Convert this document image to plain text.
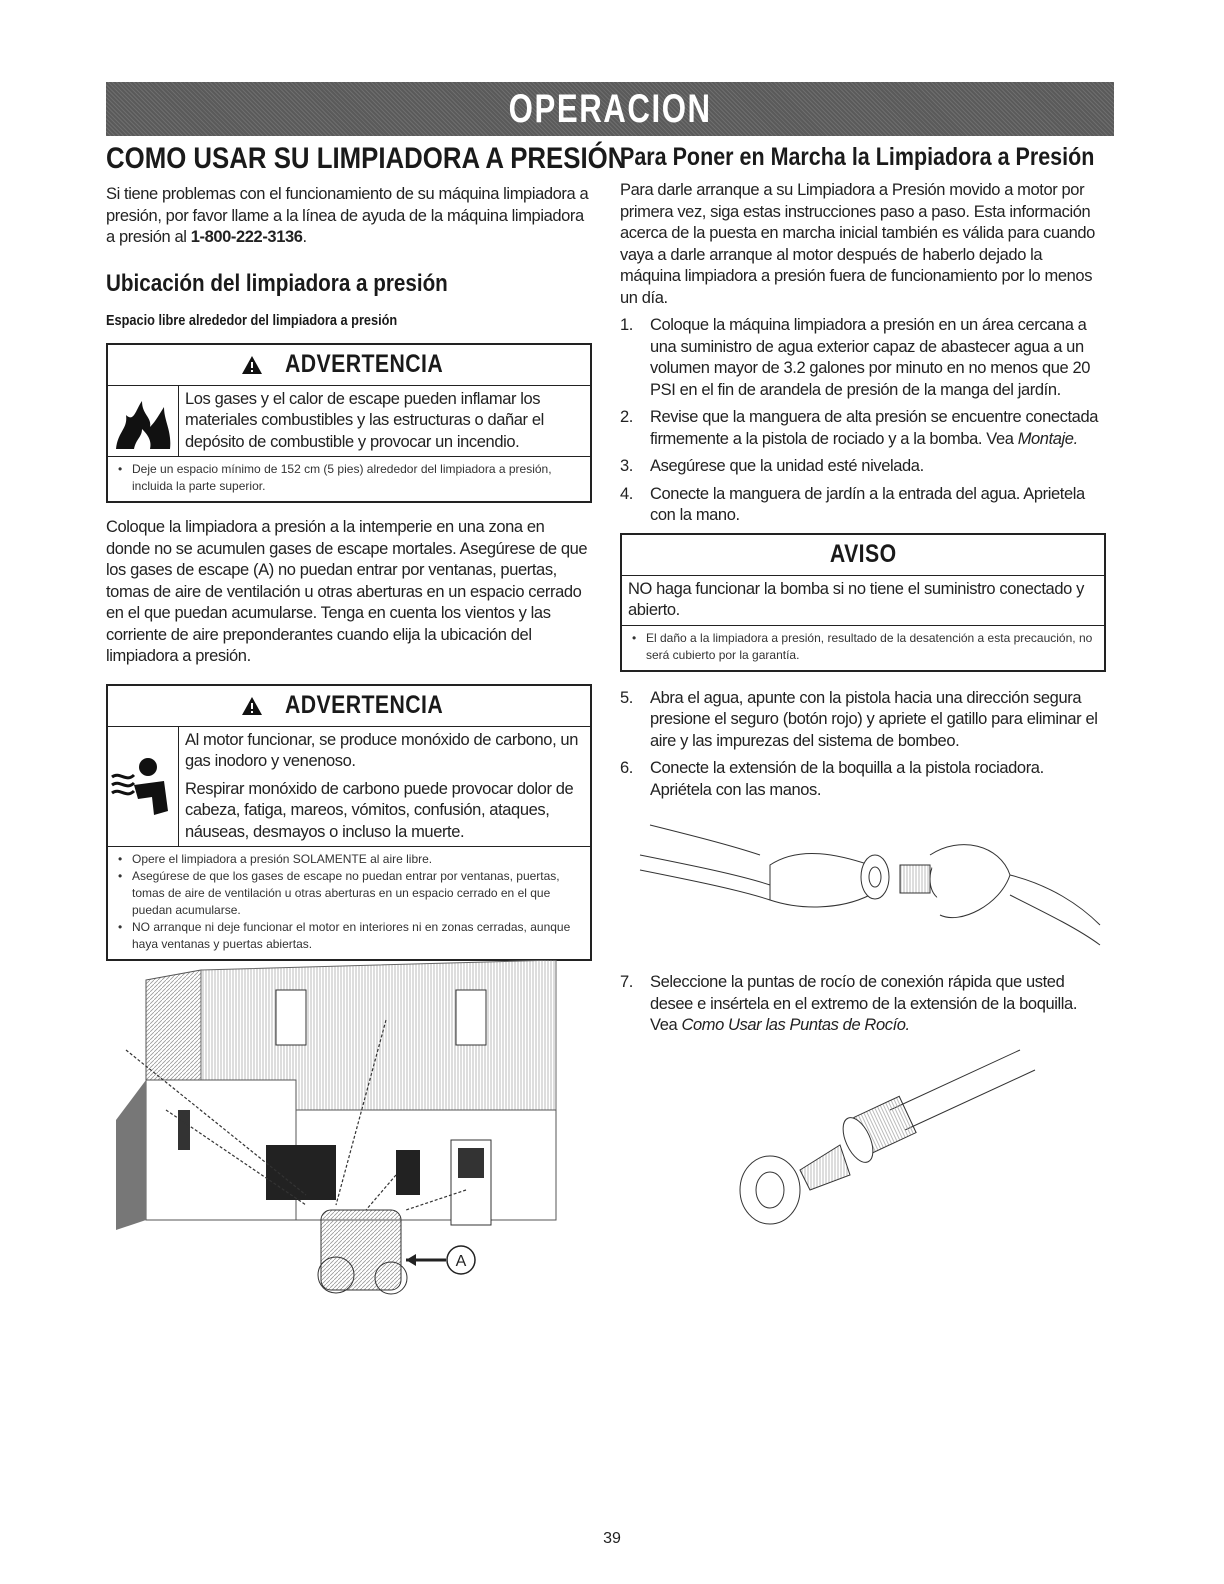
OPERACION
COMO USAR SU LIMPIADORA A PRESIÓN

Si tiene problemas con el funcionamiento de su máquina limpiadora a presión, por favor llame a la línea de ayuda de la máquina limpiadora a presión al 1-800-222-3136.

Ubicación del limpiadora a presión
Espacio libre alrededor del limpiadora a presión
ADVERTENCIA
Los gases y el calor de escape pueden inflamar los materiales combustibles y las estructuras o dañar el depósito de combustible y provocar un incendio.
• Deje un espacio mínimo de 152 cm (5 pies) alrededor del limpiadora a presión, incluida la parte superior.

Coloque la limpiadora a presión a la intemperie en una zona en donde no se acumulen gases de escape mortales. Asegúrese de que los gases de escape (A) no puedan entrar por ventanas, puertas, tomas de aire de ventilación u otras aberturas en un espacio cerrado en el que puedan acumularse. Tenga en cuenta los vientos y las corriente de aire preponderantes cuando elija la ubicación del limpiadora a presión.

ADVERTENCIA
Al motor funcionar, se produce monóxido de carbono, un gas inodoro y venenoso.
Respirar monóxido de carbono puede provocar dolor de cabeza, fatiga, mareos, vómitos, confusión, ataques, náuseas, desmayos o incluso la muerte.
• Opere el limpiadora a presión SOLAMENTE al aire libre.
• Asegúrese de que los gases de escape no puedan entrar por ventanas, puertas, tomas de aire de ventilación u otras aberturas en un espacio cerrado en el que puedan acumularse.
• NO arranque ni deje funcionar el motor en interiores ni en zonas cerradas, aunque haya ventanas y puertas abiertas.
A
Para Poner en Marcha la Limpiadora a Presión

Para darle arranque a su Limpiadora a Presión movido a motor por primera vez, siga estas instrucciones paso a paso. Esta información acerca de la puesta en marcha inicial también es válida para cuando vaya a darle arranque al motor después de haberlo dejado la máquina limpiadora a presión fuera de funcionamiento por lo menos un día.

1.	Coloque la máquina limpiadora a presión en un área cercana a una suministro de agua exterior capaz de abastecer agua a un volumen mayor de 3.2 galones por minuto en no menos que 20 PSI en el fin de arandela de presión de la manga del jardín.
2.	Revise que la manguera de alta presión se encuentre conectada firmemente a la pistola de rociado y a la bomba. Vea Montaje.
3.	Asegúrese que la unidad esté nivelada.
4.	Conecte la manguera de jardín a la entrada del agua. Aprietela con la mano.
AVISO
NO haga funcionar la bomba si no tiene el suministro conectado y abierto.
• El daño a la limpiadora a presión, resultado de la desatención a esta precaución, no será cubierto por la garantía.
5.	Abra el agua, apunte con la pistola hacia una dirección segura presione el seguro (botón rojo) y apriete el gatillo para eliminar el aire y las impurezas del sistema de bombeo.
6.	Conecte la extensión de la boquilla a la pistola rociadora. Apriétela con las manos.
7.	Seleccione la puntas de rocío de conexión rápida que usted desee e insértela en el extremo de la extensión de la boquilla. Vea Como Usar las Puntas de Rocío.
39
